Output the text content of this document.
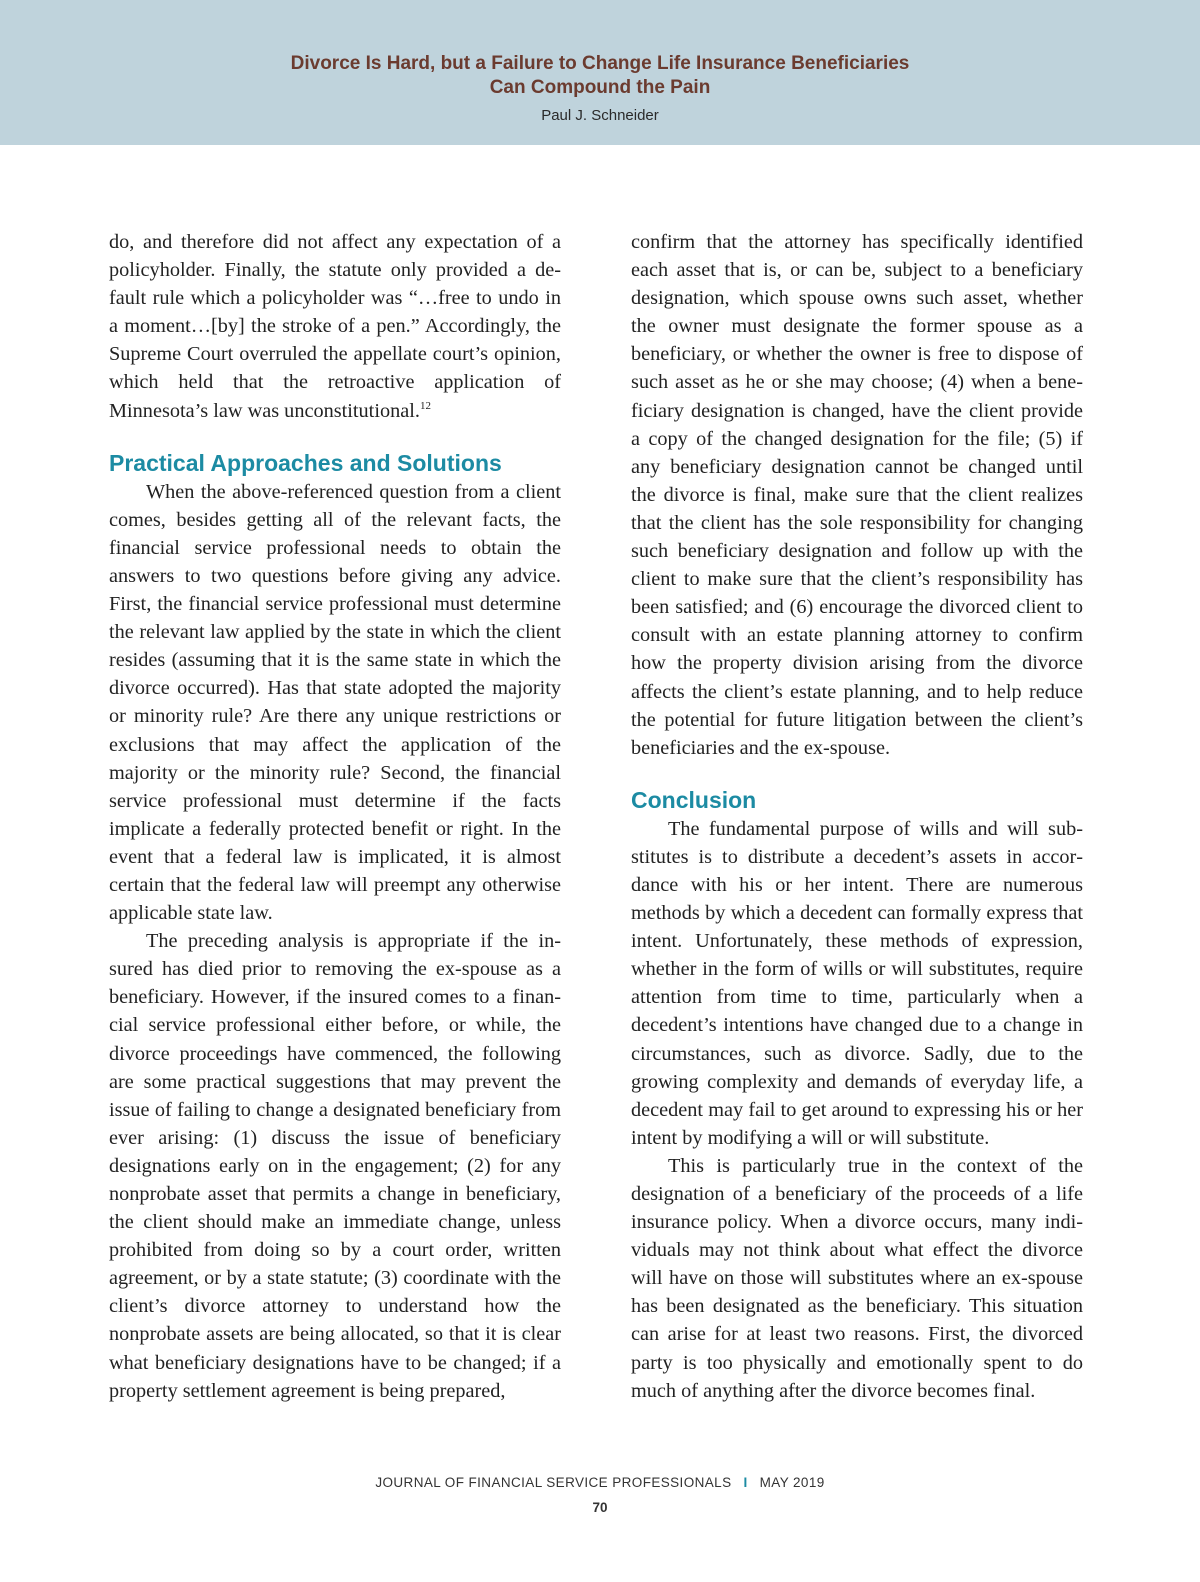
Divorce Is Hard, but a Failure to Change Life Insurance Beneficiaries
Can Compound the Pain
Paul J. Schneider

do, and therefore did not affect any expectation of a policyholder. Finally, the statute only provided a default rule which a policyholder was “…free to undo in a moment…[by] the stroke of a pen.” Accordingly, the Supreme Court overruled the appellate court’s opinion, which held that the retroactive application of Minnesota’s law was unconstitutional.$^{12}$

Practical Approaches and Solutions

When the above-referenced question from a client comes, besides getting all of the relevant facts, the financial service professional needs to obtain the answers to two questions before giving any advice. First, the financial service professional must determine the relevant law applied by the state in which the client resides (assuming that it is the same state in which the divorce occurred). Has that state adopted the majority or minority rule? Are there any unique restrictions or exclusions that may affect the application of the majority or the minority rule? Second, the financial service professional must determine if the facts implicate a federally protected benefit or right. In the event that a federal law is implicated, it is almost certain that the federal law will preempt any otherwise applicable state law.

The preceding analysis is appropriate if the insured has died prior to removing the ex-spouse as a beneficiary. However, if the insured comes to a financial service professional either before, or while, the divorce proceedings have commenced, the following are some practical suggestions that may prevent the issue of failing to change a designated beneficiary from ever arising: (1) discuss the issue of beneficiary designations early on in the engagement; (2) for any nonprobate asset that permits a change in beneficiary, the client should make an immediate change, unless prohibited from doing so by a court order, written agreement, or by a state statute; (3) coordinate with the client’s divorce attorney to understand how the nonprobate assets are being allocated, so that it is clear what beneficiary designations have to be changed; if a property settlement agreement is being prepared,

confirm that the attorney has specifically identified each asset that is, or can be, subject to a beneficiary designation, which spouse owns such asset, whether the owner must designate the former spouse as a beneficiary, or whether the owner is free to dispose of such asset as he or she may choose; (4) when a beneficiary designation is changed, have the client provide a copy of the changed designation for the file; (5) if any beneficiary designation cannot be changed until the divorce is final, make sure that the client realizes that the client has the sole responsibility for changing such beneficiary designation and follow up with the client to make sure that the client’s responsibility has been satisfied; and (6) encourage the divorced client to consult with an estate planning attorney to confirm how the property division arising from the divorce affects the client’s estate planning, and to help reduce the potential for future litigation between the client’s beneficiaries and the ex-spouse.

Conclusion

The fundamental purpose of wills and will substitutes is to distribute a decedent’s assets in accordance with his or her intent. There are numerous methods by which a decedent can formally express that intent. Unfortunately, these methods of expression, whether in the form of wills or will substitutes, require attention from time to time, particularly when a decedent’s intentions have changed due to a change in circumstances, such as divorce. Sadly, due to the growing complexity and demands of everyday life, a decedent may fail to get around to expressing his or her intent by modifying a will or will substitute.

This is particularly true in the context of the designation of a beneficiary of the proceeds of a life insurance policy. When a divorce occurs, many individuals may not think about what effect the divorce will have on those will substitutes where an ex-spouse has been designated as the beneficiary. This situation can arise for at least two reasons. First, the divorced party is too physically and emotionally spent to do much of anything after the divorce becomes final.

JOURNAL OF FINANCIAL SERVICE PROFESSIONALS I MAY 2019
70
